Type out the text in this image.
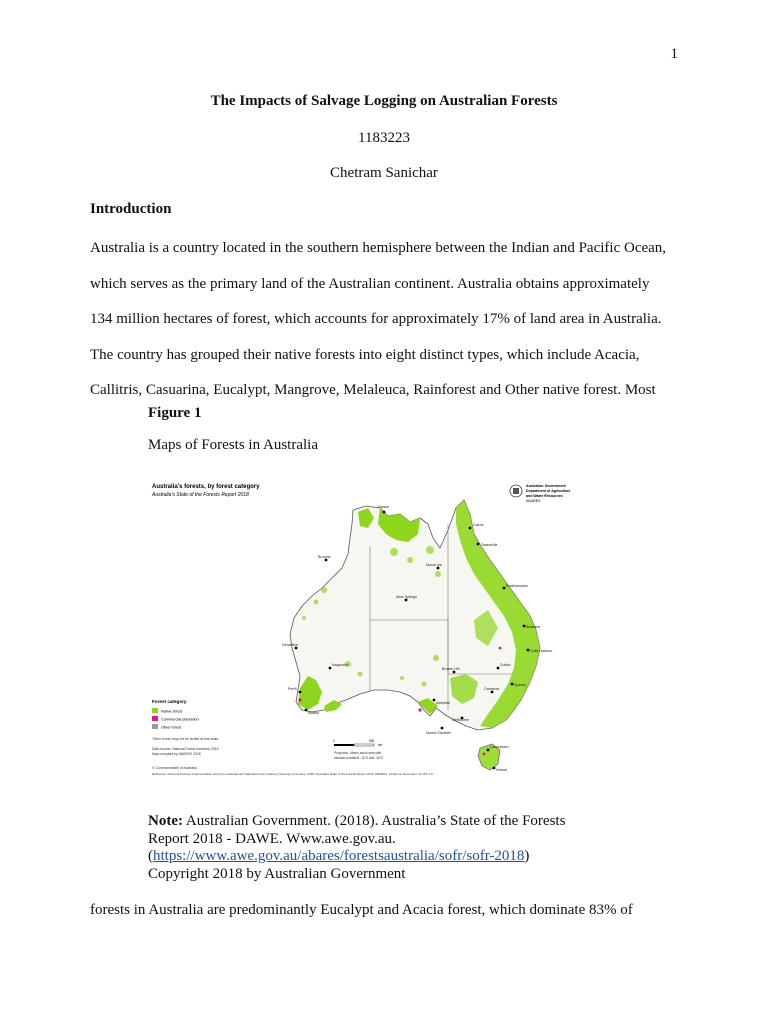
1
The Impacts of Salvage Logging on Australian Forests
1183223
Chetram Sanichar
Introduction
Australia is a country located in the southern hemisphere between the Indian and Pacific Ocean,
which serves as the primary land of the Australian continent. Australia obtains approximately
134 million hectares of forest, which accounts for approximately 17% of land area in Australia.
The country has grouped their native forests into eight distinct types, which include Acacia,
Callitris, Casuarina, Eucalypt, Mangrove, Melaleuca, Rainforest and Other native forest. Most
Figure 1
Maps of Forests in Australia
Australia's forests, by forest category
Australia's State of the Forests Report 2018
Australian Government
Department of Agriculture
and Water Resources
ABARES
Darwin
Broome
Cairns
Townsville
Mount Isa
Alice Springs
Rockhampton
Brisbane
Coffs Harbour
Sydney
Canberra
Melbourne
Adelaide
Perth
Albany
Kalgoorlie
Geraldton
Mount Gambier
Launceston
Hobart
Broken Hill
Dubbo
Forest category
Native forest
Commercial plantation
Other forest
'Other forest' may not be visible at this scale.
Data source: National Forest Inventory 2018
Map compiled by ABARES 2018
© Commonwealth of Australia
Reference: Montreal Process Implementation Group for Australia and National Forest Inventory Steering Committee, 2018, Australia's State of the Forests Report 2018, ABARES, Canberra, December. CC BY 4.0.
0	500
km
Projection: Albers equal area with
standard parallels -18°S and -36°S
Note: Australian Government. (2018). Australia’s State of the Forests
Report 2018 - DAWE. Www.awe.gov.au.
(https://www.awe.gov.au/abares/forestsaustralia/sofr/sofr-2018)
Copyright 2018 by Australian Government
forests in Australia are predominantly Eucalypt and Acacia forest, which dominate 83% of
